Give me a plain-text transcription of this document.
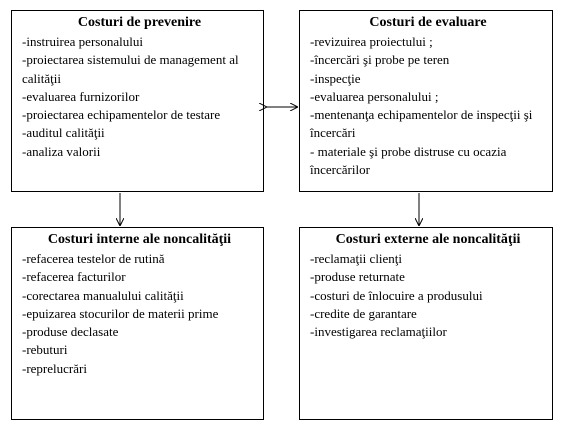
Costuri de prevenire
-instruirea personalului
-proiectarea sistemului de management al calităţii
-evaluarea furnizorilor
-proiectarea echipamentelor de testare
-auditul calităţii
-analiza valorii
Costuri de evaluare
-revizuirea proiectului ;
-încercări şi probe pe teren
-inspecţie
-evaluarea personalului ;
-mentenanţa echipamentelor de inspecţii şi încercări
- materiale şi probe distruse cu ocazia încercărilor
Costuri interne ale noncalităţii
-refacerea testelor de rutină
-refacerea facturilor
-corectarea manualului calităţii
-epuizarea stocurilor de materii prime
-produse declasate
-rebuturi
-reprelucrări
Costuri externe ale noncalităţii
-reclamaţii clienţi
-produse returnate
-costuri de înlocuire a produsului
-credite de garantare
-investigarea reclamaţiilor
